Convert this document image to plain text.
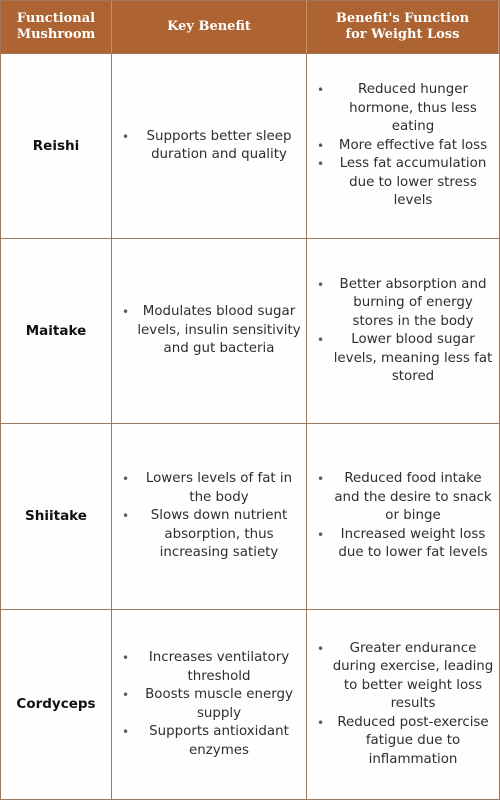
Functional
Mushroom
Key Benefit
Benefit's Function
for Weight Loss
Reishi
• Supports better sleep duration and quality
•	Reduced hunger hormone, thus less eating
• More effective fat loss
• Less fat accumulation due to lower stress levels
Maitake
• Modulates blood sugar levels, insulin sensitivity and gut bacteria
• Better absorption and burning of energy stores in the body
• Lower blood sugar levels, meaning less fat stored
Shiitake
• Lowers levels of fat in the body
• Slows down nutrient absorption, thus increasing satiety
• Reduced food intake and the desire to snack or binge
• Increased weight loss due to lower fat levels
Cordyceps
• Increases ventilatory threshold
• Boosts muscle energy supply
• Supports antioxidant enzymes
• Greater endurance during exercise, leading to better weight loss results
• Reduced post-exercise fatigue due to inflammation
